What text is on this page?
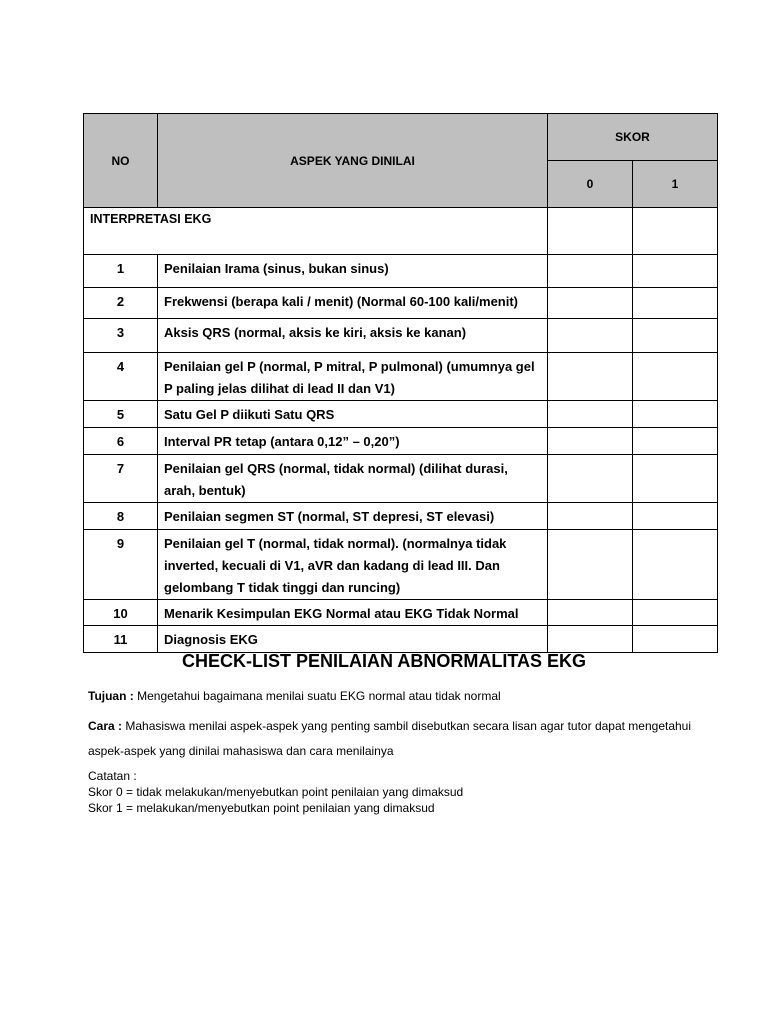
NO	ASPEK YANG DINILAI	SKOR	
		0	1
INTERPRETASI EKG			
1	Penilaian Irama (sinus, bukan sinus)		
2	Frekwensi (berapa kali / menit) (Normal 60-100 kali/menit)		
3	Aksis QRS (normal, aksis ke kiri, aksis ke kanan)		
4	Penilaian gel P (normal, P mitral, P pulmonal) (umumnya gel P paling jelas dilihat di lead II dan V1)		
5	Satu Gel P diikuti Satu QRS		
6	Interval PR tetap (antara 0,12” – 0,20”)		
7	Penilaian gel QRS (normal, tidak normal) (dilihat durasi, arah, bentuk)		
8	Penilaian segmen ST (normal, ST depresi, ST elevasi)		
9	Penilaian gel T (normal, tidak normal). (normalnya tidak inverted, kecuali di V1, aVR dan kadang di lead III. Dan gelombang T tidak tinggi dan runcing)		
10	Menarik Kesimpulan EKG Normal atau EKG Tidak Normal		
11	Diagnosis EKG		
CHECK-LIST PENILAIAN ABNORMALITAS EKG

Tujuan : Mengetahui bagaimana menilai suatu EKG normal atau tidak normal

Cara : Mahasiswa menilai aspek-aspek yang penting sambil disebutkan secara lisan agar tutor dapat mengetahui aspek-aspek yang dinilai mahasiswa dan cara menilainya

Catatan :

Skor 0 = tidak melakukan/menyebutkan point penilaian yang dimaksud

Skor 1 = melakukan/menyebutkan point penilaian yang dimaksud
